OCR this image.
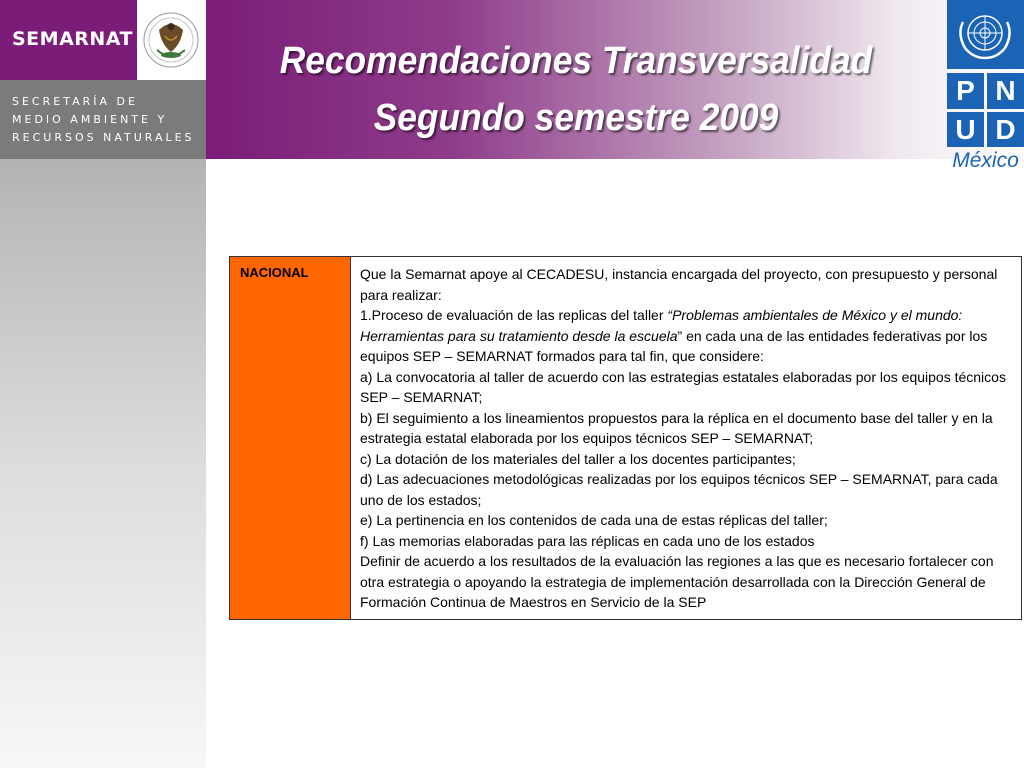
SEMARNAT
SECRETARÍA DE
MEDIO AMBIENTE Y
RECURSOS NATURALES
Recomendaciones Transversalidad
Segundo semestre 2009
P N
U D
México
NACIONAL	Que la Semarnat apoye al CECADESU, instancia encargada del proyecto, con presupuesto y personal para realizar:

1.Proceso de evaluación de las replicas del taller “Problemas ambientales de México y el mundo: Herramientas para su tratamiento desde la escuela” en cada una de las entidades federativas por los equipos SEP – SEMARNAT formados para tal fin, que considere:

a) La convocatoria al taller de acuerdo con las estrategias estatales elaboradas por los equipos técnicos SEP – SEMARNAT;

b) El seguimiento a los lineamientos propuestos para la réplica en el documento base del taller y en la estrategia estatal elaborada por los equipos técnicos SEP – SEMARNAT;

c) La dotación de los materiales del taller a los docentes participantes;

d) Las adecuaciones metodológicas realizadas por los equipos técnicos SEP – SEMARNAT, para cada uno de los estados;

e) La pertinencia en los contenidos de cada una de estas réplicas del taller;

f) Las memorias elaboradas para las réplicas en cada uno de los estados

Definir de acuerdo a los resultados de la evaluación las regiones a las que es necesario fortalecer con otra estrategia o apoyando la estrategia de implementación desarrollada con la Dirección General de Formación Continua de Maestros en Servicio de la SEP
